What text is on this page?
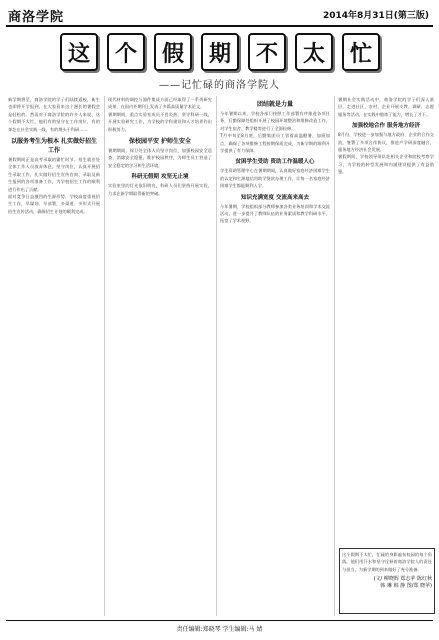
商洛学院	2014年8月31日(第三版)
这	个	假	期	不	太	忙
——记忙碌的商洛学院人

新学期将至，商洛学院的学子们陆续返校，新生也即将开学报到，在大家看来这个漫长的暑假会是轻松的。然而对于商洛学院的许多人来说，这个假期不太忙，他们有的坚守在工作岗位，有的奔赴在社会实践一线，有的埋头于科研……

以服务考生为根本 扎实做好招生工作

暑假期间正是高考录取的繁忙时节。招生就业处全体工作人员放弃休息，坚守岗位，认真开展招生录取工作，扎实做好招生宣传咨询、录取及新生报到的各项准备工作，为学校招生工作的顺利进行作出了贡献。

面对竞争日益激烈的生源形势，学校高度重视招生工作，早谋划、早部署，多渠道、多形式开展招生宣传活动，确保招生计划的顺利完成。

现代材料的调控与器件集成方面已经取得了一系列研究成果，在国内外期刊上发表了多篇高质量学术论文。

暑期期间，重点实验室成员不畏炎热，坚守科研一线，开展实验研究工作，为学校的学科建设和人才培养作出积极努力。

保校园平安 护师生安全

暑期期间，保卫处全体人员坚守岗位，加强校园安全巡查，消除安全隐患，维护校园秩序，为师生员工营造了安全稳定的学习和生活环境。

科研无假期 攻坚无止境

实验室里的灯光依旧明亮，科研人员们坚持开展实验，力求在新学期取得新的突破。

团结就是力量

今年暑期以来，学校各部门按照工作部署有序推进各项任务，后勤保障处组织开展了校园环境整治和维修改造工作，对学生宿舍、教学楼等进行了全面检修。

7月中旬至8月底，后勤集团员工冒着高温酷暑，加班加点，确保了各项维修工程按期保质完成，为新学期的顺利开学提供了有力保障。

贫困学生受助 资助工作温暖人心

学生资助管理中心在暑期期间，认真做好家庭经济困难学生的认定和生源地信用助学贷款办理工作，让每一名家庭经济困难学生都能顺利入学。

知识充满宽度 交流高来高去

今年暑期，学校组织部分教师参加各类业务培训和学术交流活动，进一步提升了教师队伍的业务素质和教学科研水平，拓宽了学术视野。

暑期社会实践活动中，商洛学院的学子们深入基层，走进社区、农村、企业开展支教、调研、志愿服务等活动，在实践中锻炼了能力，增长了才干。

加强校地合作 服务地方经济

8月份，学校进一步加强与地方政府、企业的合作交流，签署了多项合作协议，推进产学研深度融合，服务地方经济社会发展。

暑假期间，学校领导带队赴相关企业和院校考察学习，为学校的转型发展和内涵建设提供了有益借鉴。

这个假期不太忙，忙碌的身影遍布校园的每个角落，他们用汗水和坚守诠释着商洛学院人的责任与担当，为新学期的到来做好了充分准备。

(文/ 柳晓辉 郑志苹 陈红秋
韩 琳 韩 静 图/郑 晓苹)
责任编辑:郑晓琴 学生编辑:马 婧
